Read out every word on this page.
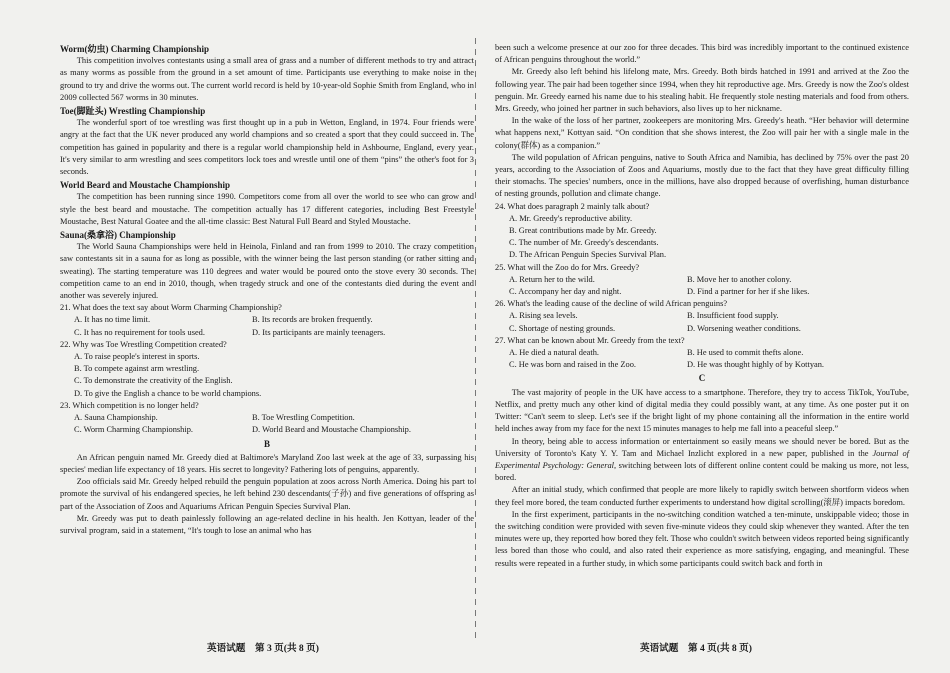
Worm(幼虫) Charming Championship

This competition involves contestants using a small area of grass and a number of different methods to try and attract as many worms as possible from the ground in a set amount of time. Participants use everything to make noise in the ground to try and drive the worms out. The current world record is held by 10-year-old Sophie Smith from England, who in 2009 collected 567 worms in 30 minutes.

Toe(脚趾头) Wrestling Championship

The wonderful sport of toe wrestling was first thought up in a pub in Wetton, England, in 1974. Four friends were angry at the fact that the UK never produced any world champions and so created a sport that they could succeed in. The competition has gained in popularity and there is a regular world championship held in Ashbourne, England, every year. It's very similar to arm wrestling and sees competitors lock toes and wrestle until one of them “pins” the other's foot for 3 seconds.

World Beard and Moustache Championship

The competition has been running since 1990. Competitors come from all over the world to see who can grow and style the best beard and moustache. The competition actually has 17 different categories, including Best Freestyle Moustache, Best Natural Goatee and the all-time classic: Best Natural Full Beard and Styled Moustache.

Sauna(桑拿浴) Championship

The World Sauna Championships were held in Heinola, Finland and ran from 1999 to 2010. The crazy competition saw contestants sit in a sauna for as long as possible, with the winner being the last person standing (or rather sitting and sweating). The starting temperature was 110 degrees and water would be poured onto the stove every 30 seconds. The competition came to an end in 2010, though, when tragedy struck and one of the contestants died during the event and another was severely injured.

21. What does the text say about Worm Charming Championship?

A. It has no time limit.	B. Its records are broken frequently.
C. It has no requirement for tools used.	D. Its participants are mainly teenagers.

22. Why was Toe Wrestling Competition created?

A. To raise people's interest in sports.
B. To compete against arm wrestling.
C. To demonstrate the creativity of the English.
D. To give the English a chance to be world champions.

23. Which competition is no longer held?

A. Sauna Championship.	B. Toe Wrestling Competition.
C. Worm Charming Championship.	D. World Beard and Moustache Championship.
B

An African penguin named Mr. Greedy died at Baltimore's Maryland Zoo last week at the age of 33, surpassing his species' median life expectancy of 18 years. His secret to longevity? Fathering lots of penguins, apparently.

Zoo officials said Mr. Greedy helped rebuild the penguin population at zoos across North America. Doing his part to promote the survival of his endangered species, he left behind 230 descendants(子孙) and five generations of offspring as part of the Association of Zoos and Aquariums African Penguin Species Survival Plan.

Mr. Greedy was put to death painlessly following an age-related decline in his health. Jen Kottyan, leader of the survival program, said in a statement, “It's tough to lose an animal who has

been such a welcome presence at our zoo for three decades. This bird was incredibly important to the continued existence of African penguins throughout the world.”

Mr. Greedy also left behind his lifelong mate, Mrs. Greedy. Both birds hatched in 1991 and arrived at the Zoo the following year. The pair had been together since 1994, when they hit reproductive age. Mrs. Greedy is now the Zoo's oldest penguin. Mr. Greedy earned his name due to his stealing habit. He frequently stole nesting materials and food from others. Mrs. Greedy, who joined her partner in such behaviors, also lives up to her nickname.

In the wake of the loss of her partner, zookeepers are monitoring Mrs. Greedy's heath. “Her behavior will determine what happens next,” Kottyan said. “On condition that she shows interest, the Zoo will pair her with a single male in the colony(群体) as a companion.”

The wild population of African penguins, native to South Africa and Namibia, has declined by 75% over the past 20 years, according to the Association of Zoos and Aquariums, mostly due to the fact that they have great difficulty filling their stomachs. The species' numbers, once in the millions, have also dropped because of overfishing, human disturbance of nesting grounds, pollution and climate change.

24. What does paragraph 2 mainly talk about?

A. Mr. Greedy's reproductive ability.
B. Great contributions made by Mr. Greedy.
C. The number of Mr. Greedy's descendants.
D. The African Penguin Species Survival Plan.

25. What will the Zoo do for Mrs. Greedy?

A. Return her to the wild.	B. Move her to another colony.
C. Accompany her day and night.	D. Find a partner for her if she likes.

26. What's the leading cause of the decline of wild African penguins?

A. Rising sea levels.	B. Insufficient food supply.
C. Shortage of nesting grounds.	D. Worsening weather conditions.

27. What can be known about Mr. Greedy from the text?

A. He died a natural death.	B. He used to commit thefts alone.
C. He was born and raised in the Zoo.	D. He was thought highly of by Kottyan.
C

The vast majority of people in the UK have access to a smartphone. Therefore, they try to access TikTok, YouTube, Netflix, and pretty much any other kind of digital media they could possibly want, at any time. As one poster put it on Twitter: “Can't seem to sleep. Let's see if the bright light of my phone containing all the information in the entire world held inches away from my face for the next 15 minutes manages to help me fall into a peaceful sleep.”

In theory, being able to access information or entertainment so easily means we should never be bored. But as the University of Toronto's Katy Y. Y. Tam and Michael Inzlicht explored in a new paper, published in the Journal of Experimental Psychology: General, switching between lots of different online content could be making us more, not less, bored.

After an initial study, which confirmed that people are more likely to rapidly switch between shortform videos when they feel more bored, the team conducted further experiments to understand how digital scrolling(滚屏) impacts boredom.

In the first experiment, participants in the no-switching condition watched a ten-minute, unskippable video; those in the switching condition were provided with seven five-minute videos they could skip whenever they wanted. After the ten minutes were up, they reported how bored they felt. Those who couldn't switch between videos reported being significantly less bored than those who could, and also rated their experience as more satisfying, engaging, and meaningful. These results were repeated in a further study, in which some participants could switch back and forth in

英语试题　第 3 页(共 8 页)	英语试题　第 4 页(共 8 页)
